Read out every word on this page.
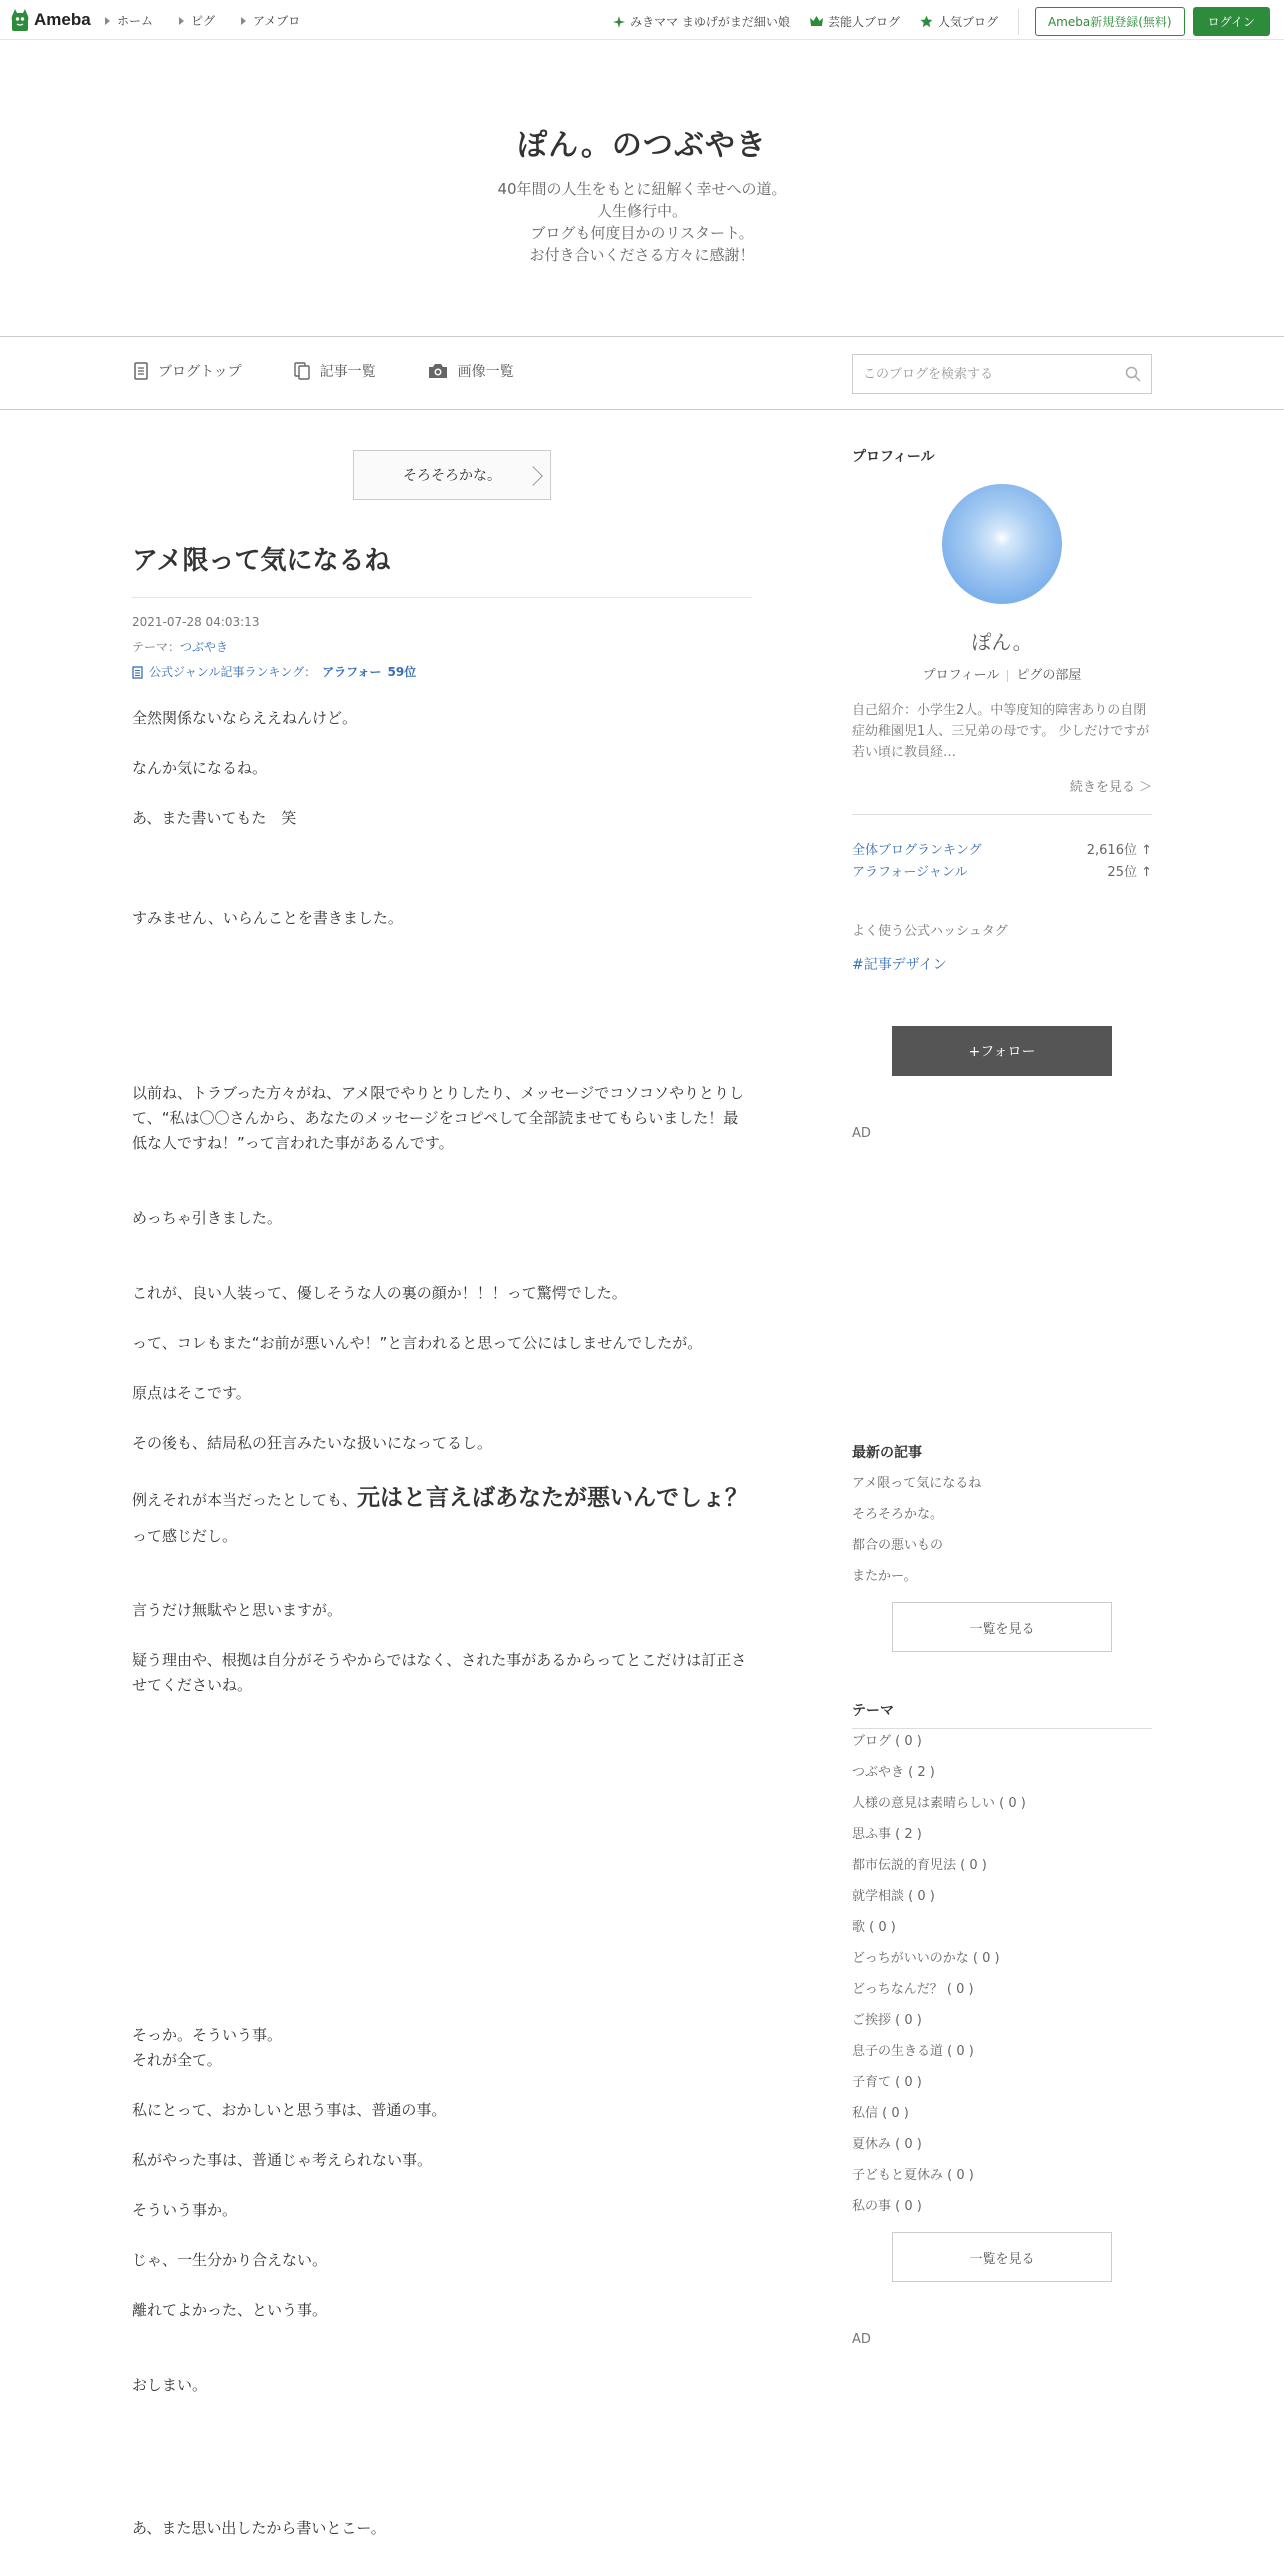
Ameba ホーム	ピグ	アメブロ	みきママ まゆげがまだ細い娘	芸能人ブログ	人気ブログ	Ameba新規登録(無料)	ログイン
ぽん。のつぶやき
40年間の人生をもとに紐解く幸せへの道。
人生修行中。
ブログも何度目かのリスタート。
お付き合いくださる方々に感謝！
ブログトップ	記事一覧	画像一覧
このブログを検索する
そろそろかな。
アメ限って気になるね
2021-07-28 04:03:13
テーマ：つぶやき
公式ジャンル記事ランキング： アラフォー 59位

全然関係ないならええねんけど。

なんか気になるね。

あ、また書いてもた　笑

すみません、いらんことを書きました。

以前ね、トラブった方々がね、アメ限でやりとりしたり、メッセージでコソコソやりとりして、“私は〇〇さんから、あなたのメッセージをコピペして全部読ませてもらいました！最低な人ですね！”って言われた事があるんです。

めっちゃ引きました。

これが、良い人装って、優しそうな人の裏の顔か！！！って驚愕でした。

って、コレもまた“お前が悪いんや！”と言われると思って公にはしませんでしたが。

原点はそこです。

その後も、結局私の狂言みたいな扱いになってるし。

例えそれが本当だったとしても、元はと言えばあなたが悪いんでしょ？って感じだし。

言うだけ無駄やと思いますが。

疑う理由や、根拠は自分がそうやからではなく、された事があるからってとこだけは訂正させてくださいね。

そっか。そういう事。

それが全て。

私にとって、おかしいと思う事は、普通の事。

私がやった事は、普通じゃ考えられない事。

そういう事か。

じゃ、一生分かり合えない。

離れてよかった、という事。

おしまい。

あ、また思い出したから書いとこー。

プロフィール
ぽん。
プロフィール ピグの部屋
自己紹介：小学生2人。中等度知的障害ありの自閉症幼稚園児1人、三兄弟の母です。 少しだけですが若い頃に教員経…
続きを見る ＞
全体ブログランキング	2,616位 ↑
アラフォージャンル	25位 ↑
よく使う公式ハッシュタグ
#記事デザイン
+フォロー
AD
最新の記事
アメ限って気になるね
そろそろかな。
都合の悪いもの
またかー。
一覧を見る
テーマ
ブログ ( 0 )
つぶやき ( 2 )
人様の意見は素晴らしい ( 0 )
思ふ事 ( 2 )
都市伝説的育児法 ( 0 )
就学相談 ( 0 )
歌 ( 0 )
どっちがいいのかな ( 0 )
どっちなんだ？ ( 0 )
ご挨拶 ( 0 )
息子の生きる道 ( 0 )
子育て ( 0 )
私信 ( 0 )
夏休み ( 0 )
子どもと夏休み ( 0 )
私の事 ( 0 )
一覧を見る
AD
